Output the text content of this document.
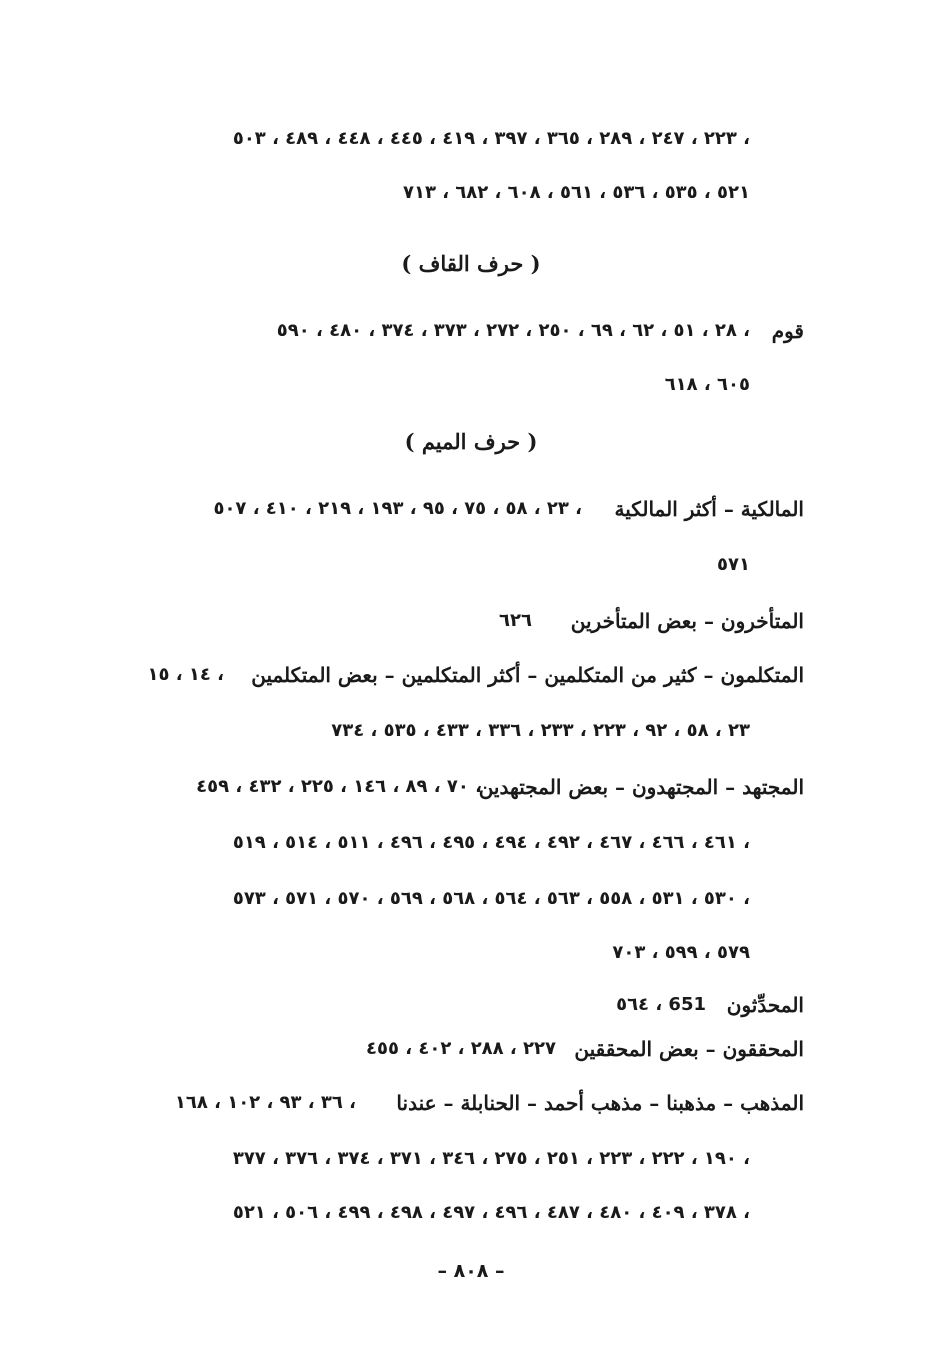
٢٢٣ ، ٢٤٧ ، ٢٨٩ ، ٣٦٥ ، ٣٩٧ ، ٤١٩ ، ٤٤٥ ، ٤٤٨ ، ٤٨٩ ، ٥٠٣ ،
٥٢١ ، ٥٣٥ ، ٥٣٦ ، ٥٦١ ، ٦٠٨ ، ٦٨٢ ، ٧١٣
( حرف القاف )
قوم
٢٨ ، ٥١ ، ٦٢ ، ٦٩ ، ٢٥٠ ، ٢٧٢ ، ٣٧٣ ، ٣٧٤ ، ٤٨٠ ، ٥٩٠ ،
٦٠٥ ، ٦١٨
( حرف الميم )
المالكية – أكثر المالكية
٢٣ ، ٥٨ ، ٧٥ ، ٩٥ ، ١٩٣ ، ٢١٩ ، ٤١٠ ، ٥٠٧ ،
٥٧١
المتأخرون – بعض المتأخرين
٦٢٦
المتكلمون – كثير من المتكلمين – أكثر المتكلمين – بعض المتكلمين
١٤ ، ١٥ ،
٢٣ ، ٥٨ ، ٩٢ ، ٢٢٣ ، ٢٣٣ ، ٣٣٦ ، ٤٣٣ ، ٥٣٥ ، ٧٣٤
المجتهد – المجتهدون – بعض المجتهدين
٧٠ ، ٨٩ ، ١٤٦ ، ٢٢٥ ، ٤٣٢ ، ٤٥٩ ،
٤٦١ ، ٤٦٦ ، ٤٦٧ ، ٤٩٢ ، ٤٩٤ ، ٤٩٥ ، ٤٩٦ ، ٥١١ ، ٥١٤ ، ٥١٩ ،
٥٣٠ ، ٥٣١ ، ٥٥٨ ، ٥٦٣ ، ٥٦٤ ، ٥٦٨ ، ٥٦٩ ، ٥٧٠ ، ٥٧١ ، ٥٧٣ ،
٥٧٩ ، ٥٩٩ ، ٧٠٣
المحدِّثون
٥٦٤ ، 651
المحققون – بعض المحققين
٢٢٧ ، ٢٨٨ ، ٤٠٢ ، ٤٥٥
المذهب – مذهبنا – مذهب أحمد – الحنابلة – عندنا
٣٦ ، ٩٣ ، ١٠٢ ، ١٦٨ ،
١٩٠ ، ٢٢٢ ، ٢٢٣ ، ٢٥١ ، ٢٧٥ ، ٣٤٦ ، ٣٧١ ، ٣٧٤ ، ٣٧٦ ، ٣٧٧ ،
٣٧٨ ، ٤٠٩ ، ٤٨٠ ، ٤٨٧ ، ٤٩٦ ، ٤٩٧ ، ٤٩٨ ، ٤٩٩ ، ٥٠٦ ، ٥٢١ ،
– ٨٠٨ –
